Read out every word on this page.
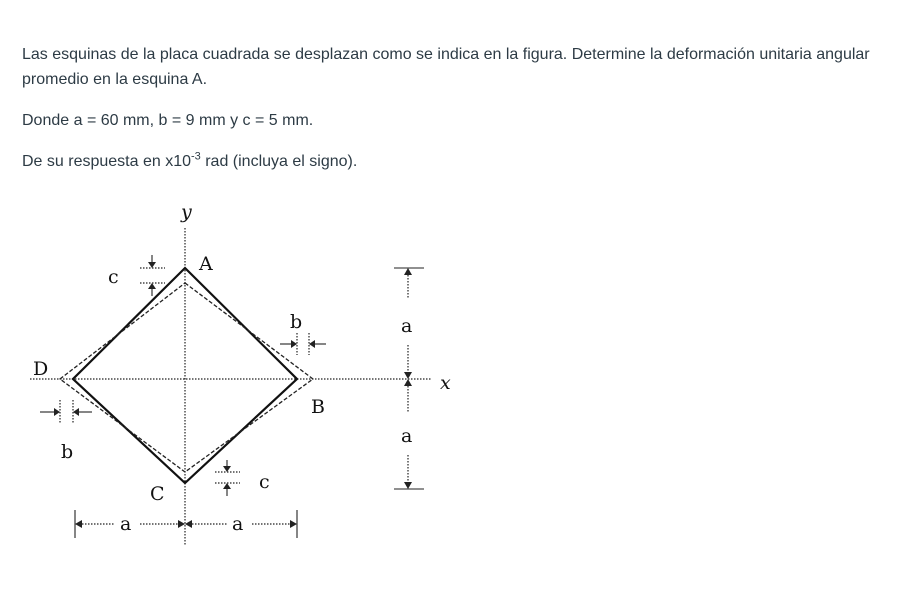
Las esquinas de la placa cuadrada se desplazan como se indica en la figura. Determine la deformación unitaria angular promedio en la esquina A.

Donde a = 60 mm, b = 9 mm y c = 5 mm.

De su respuesta en $x10^{-3}$ rad (incluya el signo).

A
B
C
D
y
x
c
c
b
b
a
a
a	a
